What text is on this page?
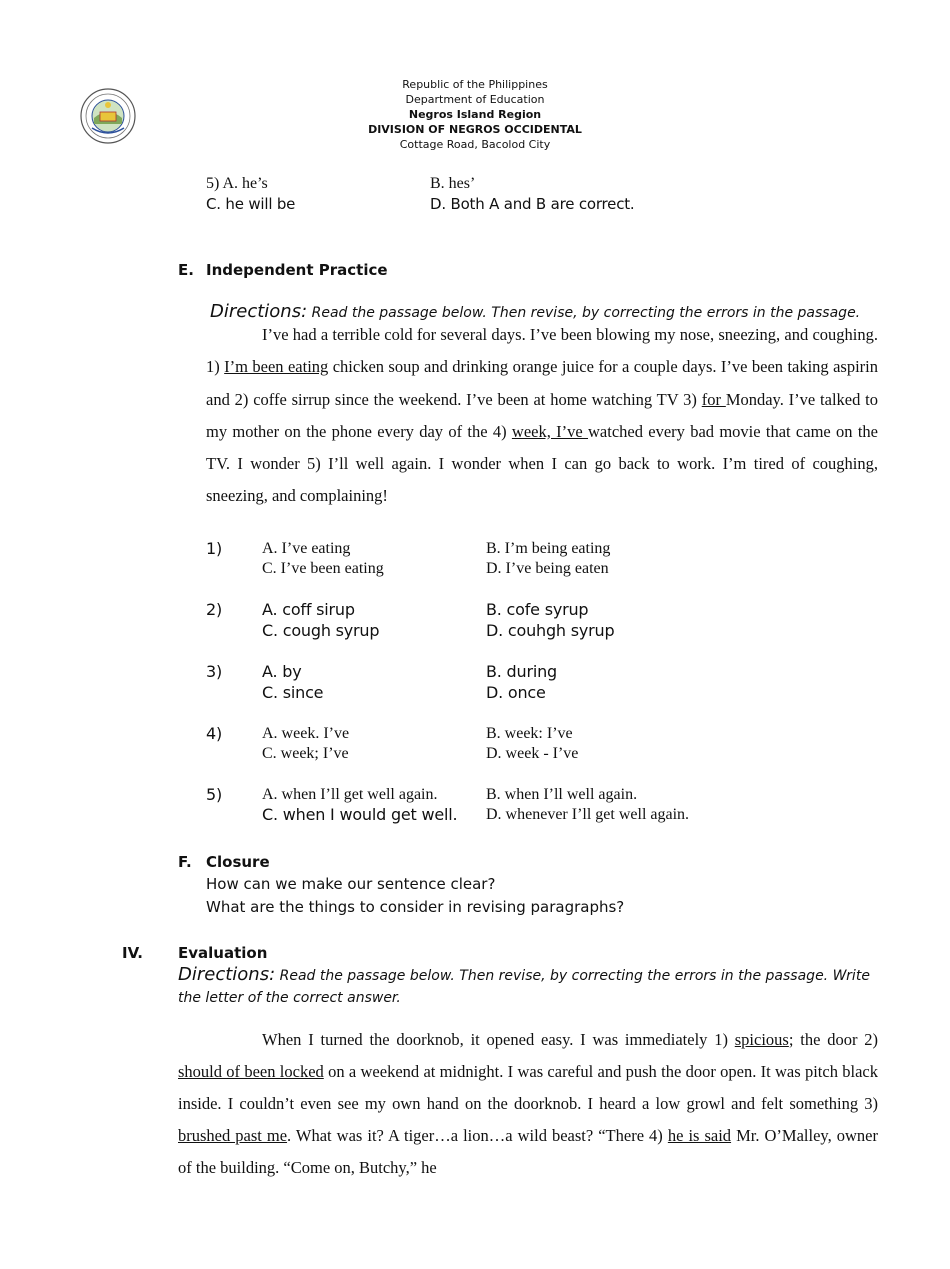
Republic of the Philippines
Department of Education
Negros Island Region
DIVISION OF NEGROS OCCIDENTAL
Cottage Road, Bacolod City
5) A. he’s	B. hes’
C. he will be	D. Both A and B are correct.
E. Independent Practice
Directions: Read the passage below. Then revise, by correcting the errors in the passage.
I’ve had a terrible cold for several days. I’ve been blowing my nose, sneezing, and coughing. 1) I’m been eating chicken soup and drinking orange juice for a couple days. I’ve been taking aspirin and 2) coffe sirrup since the weekend. I’ve been at home watching TV 3) for Monday. I’ve talked to my mother on the phone every day of the 4) week, I’ve watched every bad movie that came on the TV. I wonder 5) I’ll well again. I wonder when I can go back to work. I’m tired of coughing, sneezing, and complaining!
1) A. I’ve eating	B. I’m being eating
C. I’ve been eating	D. I’ve being eaten
2) A. coff sirup	B. cofe syrup
C. cough syrup	D. couhgh syrup
3) A. by	B. during
C. since	D. once
4) A. week. I’ve	B. week: I’ve
C. week; I’ve	D. week - I’ve
5) A. when I’ll get well again.	B. when I’ll well again.
C. when I would get well. D. whenever I’ll get well again.
F. Closure
How can we make our sentence clear?
What are the things to consider in revising paragraphs?
IV. Evaluation
Directions: Read the passage below. Then revise, by correcting the errors in the passage. Write the letter of the correct answer.
When I turned the doorknob, it opened easy. I was immediately 1) spicious; the door 2) should of been locked on a weekend at midnight. I was careful and push the door open. It was pitch black inside. I couldn’t even see my own hand on the doorknob. I heard a low growl and felt something 3) brushed past me. What was it? A tiger…a lion…a wild beast? “There 4) he is said Mr. O’Malley, owner of the building. “Come on, Butchy,” he
